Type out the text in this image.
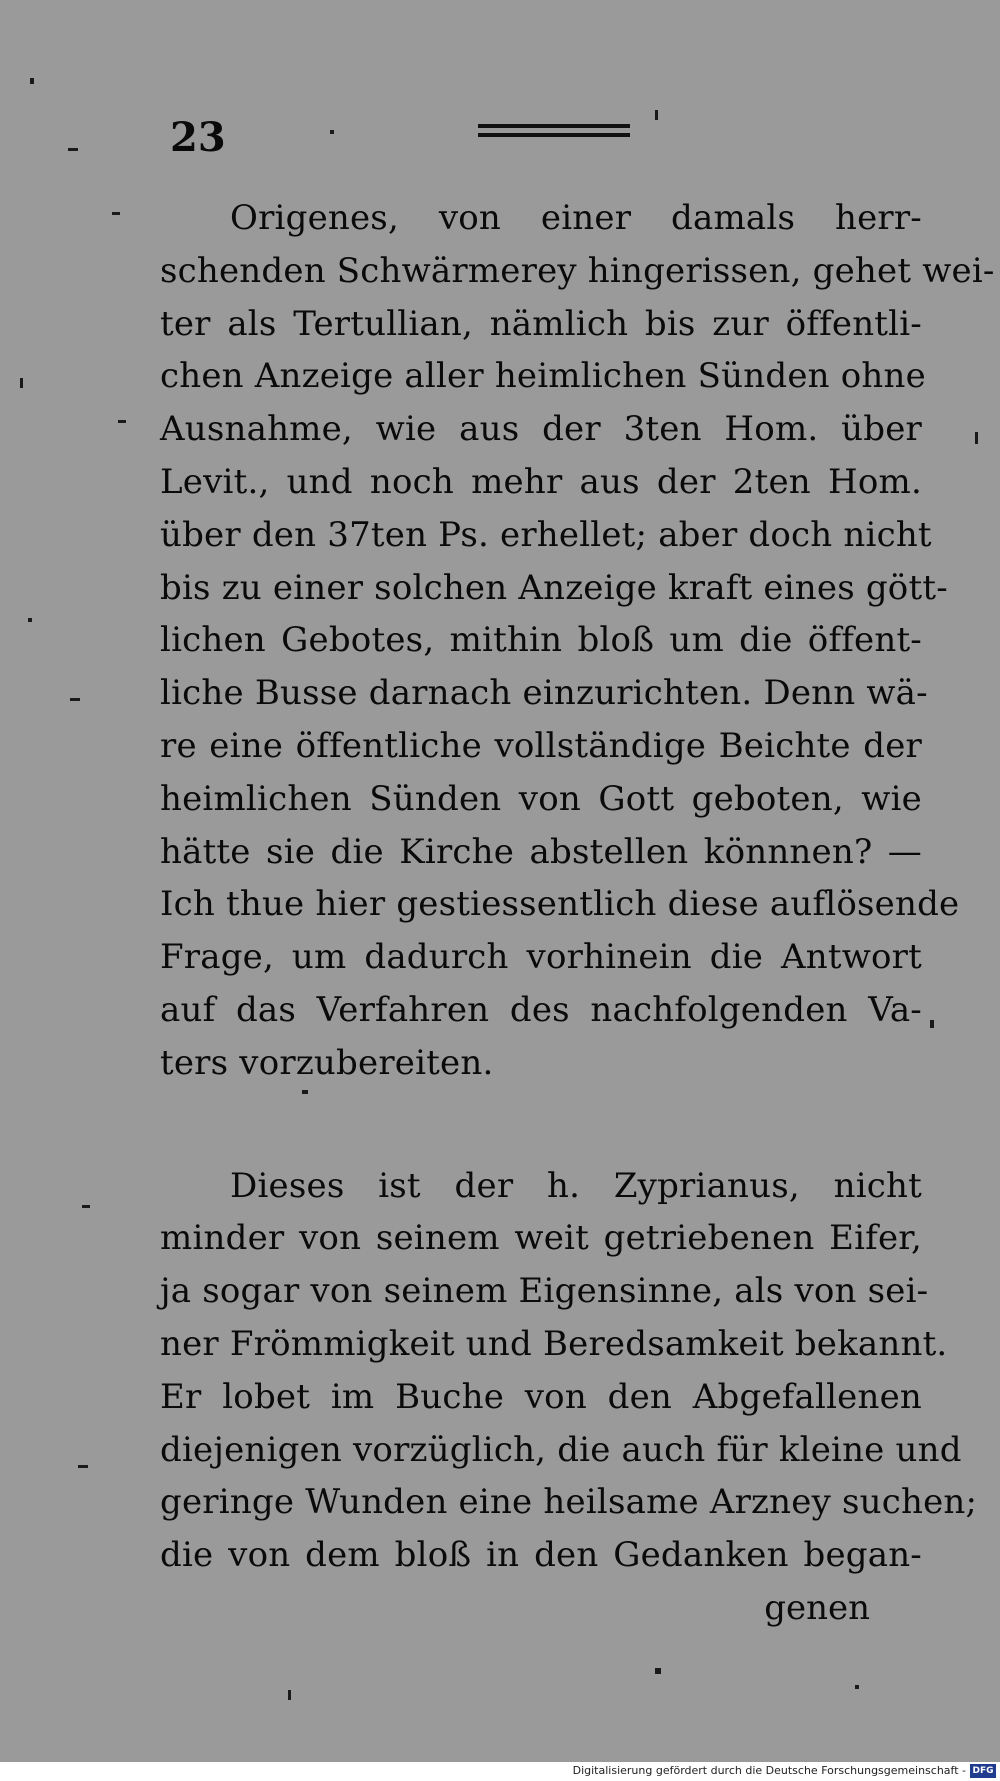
23
Origenes, von einer damals herr-
schenden Schwärmerey hingerissen, gehet wei-
ter als Tertullian, nämlich bis zur öffentli-
chen Anzeige aller heimlichen Sünden ohne
Ausnahme, wie aus der 3ten Hom. über
Levit., und noch mehr aus der 2ten Hom.
über den 37ten Ps. erhellet; aber doch nicht
bis zu einer solchen Anzeige kraft eines gött-
lichen Gebotes, mithin bloß um die öffent-
liche Busse darnach einzurichten. Denn wä-
re eine öffentliche vollständige Beichte der
heimlichen Sünden von Gott geboten, wie
hätte sie die Kirche abstellen könnnen? —
Ich thue hier gestiessentlich diese auflösende
Frage, um dadurch vorhinein die Antwort
auf das Verfahren des nachfolgenden Va-
ters vorzubereiten.
Dieses ist der h. Zyprianus, nicht
minder von seinem weit getriebenen Eifer,
ja sogar von seinem Eigensinne, als von sei-
ner Frömmigkeit und Beredsamkeit bekannt.
Er lobet im Buche von den Abgefallenen
diejenigen vorzüglich, die auch für kleine und
geringe Wunden eine heilsame Arzney suchen;
die von dem bloß in den Gedanken began-
genen
Digitalisierung gefördert durch die Deutsche Forschungsgemeinschaft - DFG
